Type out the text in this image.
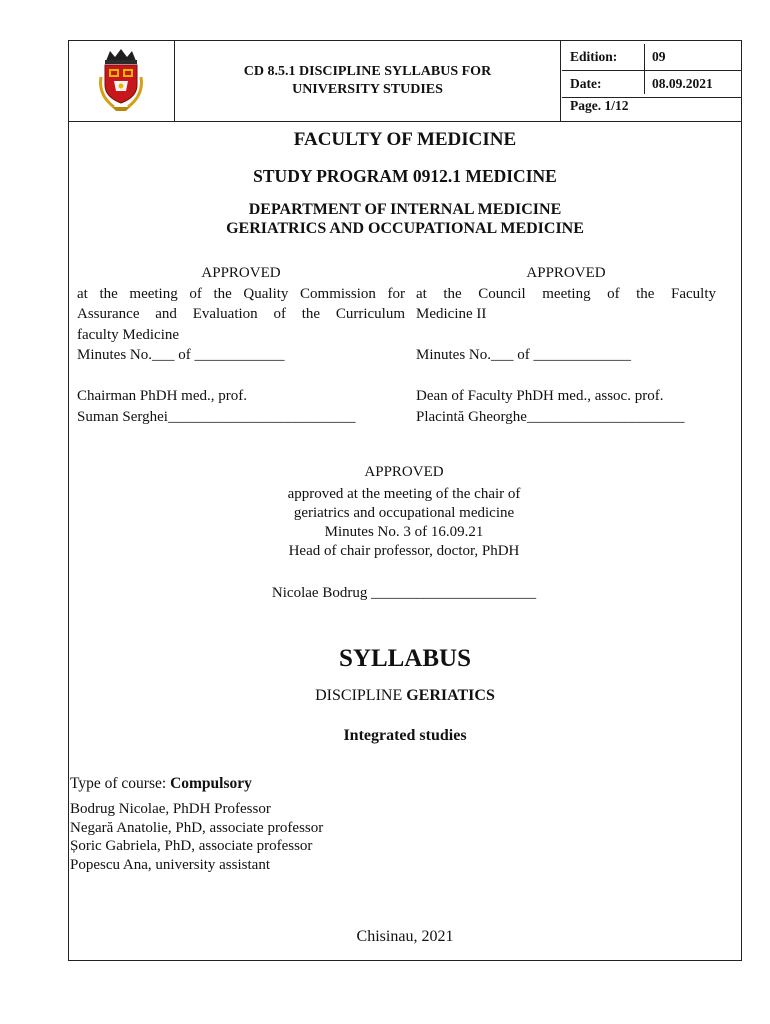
CD 8.5.1 DISCIPLINE SYLLABUS FOR
UNIVERSITY STUDIES
Edition:	09
Date:	08.09.2021
Page. 1/12
FACULTY OF MEDICINE
STUDY PROGRAM 0912.1 MEDICINE
DEPARTMENT OF INTERNAL MEDICINE
GERIATRICS AND OCCUPATIONAL MEDICINE
APPROVED
at the meeting of the Quality Commission for
Assurance and Evaluation of the Curriculum
faculty Medicine
Minutes No.___ of ____________
Chairman PhDH med., prof.
Suman Serghei_________________________
APPROVED
at the Council meeting of the Faculty
Medicine II
Minutes No.___ of _____________
Dean of Faculty PhDH med., assoc. prof.
Placintă Gheorghe_____________________
APPROVED
approved at the meeting of the chair of
geriatrics and occupational medicine
Minutes No. 3 of 16.09.21
Head of chair professor, doctor, PhDH
Nicolae Bodrug ______________________
SYLLABUS
DISCIPLINE GERIATICS
Integrated studies
Type of course: Compulsory
Bodrug Nicolae, PhDH Professor
Negară Anatolie, PhD, associate professor
Șoric Gabriela, PhD, associate professor
Popescu Ana, university assistant
Chisinau, 2021
